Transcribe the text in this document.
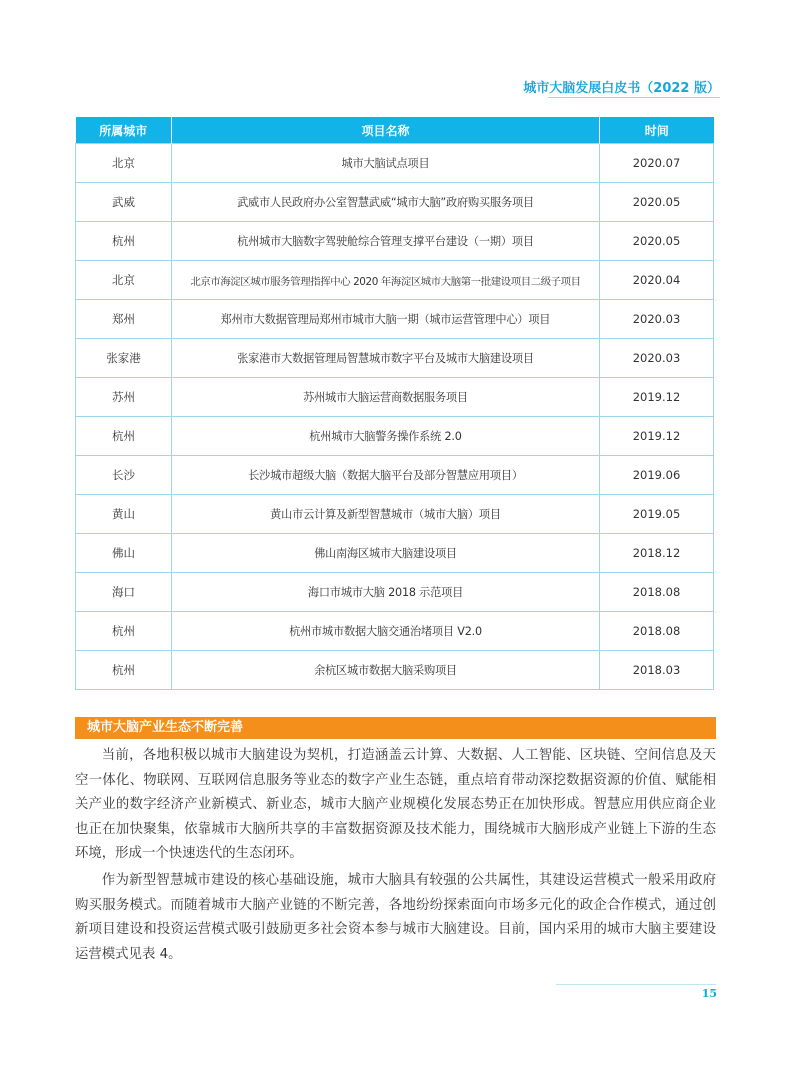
城市大脑发展白皮书（2022 版）
所属城市	项目名称	时间
北京	城市大脑试点项目	2020.07
武威	武威市人民政府办公室智慧武威“城市大脑”政府购买服务项目	2020.05
杭州	杭州城市大脑数字驾驶舱综合管理支撑平台建设（一期）项目	2020.05
北京	北京市海淀区城市服务管理指挥中心 2020 年海淀区城市大脑第一批建设项目二级子项目	2020.04
郑州	郑州市大数据管理局郑州市城市大脑一期（城市运营管理中心）项目	2020.03
张家港	张家港市大数据管理局智慧城市数字平台及城市大脑建设项目	2020.03
苏州	苏州城市大脑运营商数据服务项目	2019.12
杭州	杭州城市大脑警务操作系统 2.0	2019.12
长沙	长沙城市超级大脑（数据大脑平台及部分智慧应用项目）	2019.06
黄山	黄山市云计算及新型智慧城市（城市大脑）项目	2019.05
佛山	佛山南海区城市大脑建设项目	2018.12
海口	海口市城市大脑 2018 示范项目	2018.08
杭州	杭州市城市数据大脑交通治堵项目 V2.0	2018.08
杭州	余杭区城市数据大脑采购项目	2018.03
城市大脑产业生态不断完善

当前，各地积极以城市大脑建设为契机，打造涵盖云计算、大数据、人工智能、区块链、空间信息及天空一体化、物联网、互联网信息服务等业态的数字产业生态链，重点培育带动深挖数据资源的价值、赋能相关产业的数字经济产业新模式、新业态，城市大脑产业规模化发展态势正在加快形成。智慧应用供应商企业也正在加快聚集，依靠城市大脑所共享的丰富数据资源及技术能力，围绕城市大脑形成产业链上下游的生态环境，形成一个快速迭代的生态闭环。

作为新型智慧城市建设的核心基础设施，城市大脑具有较强的公共属性，其建设运营模式一般采用政府购买服务模式。而随着城市大脑产业链的不断完善，各地纷纷探索面向市场多元化的政企合作模式，通过创新项目建设和投资运营模式吸引鼓励更多社会资本参与城市大脑建设。目前，国内采用的城市大脑主要建设运营模式见表 4。

15
